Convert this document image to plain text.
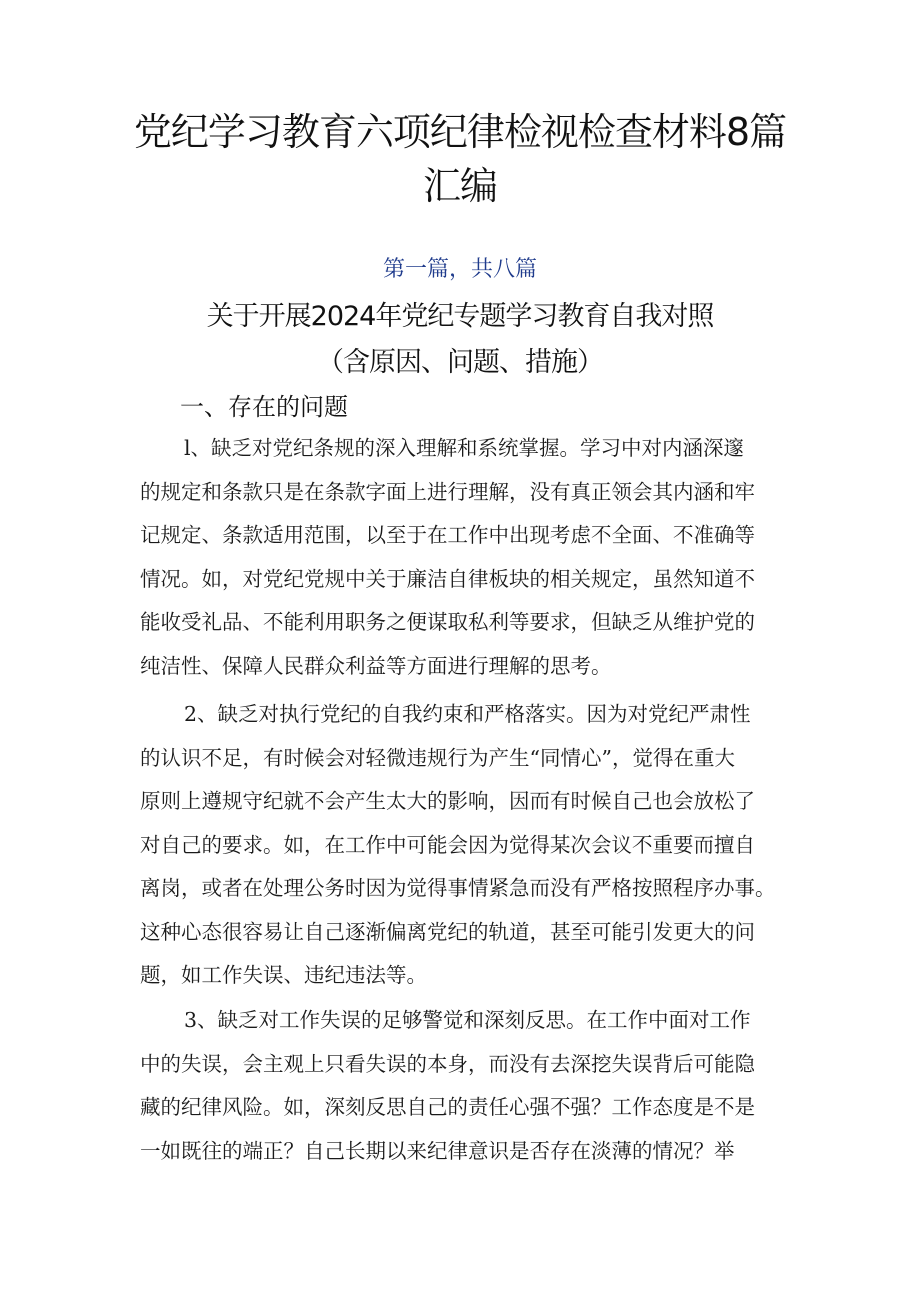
党纪学习教育六项纪律检视检查材料8篇
汇编
第一篇，共八篇
关于开展2024年党纪专题学习教育自我对照
（含原因、问题、措施）
一、存在的问题
l、缺乏对党纪条规的深入理解和系统掌握。学习中对内涵深邃
的规定和条款只是在条款字面上进行理解，没有真正领会其内涵和牢
记规定、条款适用范围，以至于在工作中出现考虑不全面、不准确等
情况。如，对党纪党规中关于廉洁自律板块的相关规定，虽然知道不
能收受礼品、不能利用职务之便谋取私利等要求，但缺乏从维护党的
纯洁性、保障人民群众利益等方面进行理解的思考。
2、缺乏对执行党纪的自我约束和严格落实。因为对党纪严肃性
的认识不足，有时候会对轻微违规行为产生“同情心”，觉得在重大
原则上遵规守纪就不会产生太大的影响，因而有时候自己也会放松了
对自己的要求。如，在工作中可能会因为觉得某次会议不重要而擅自
离岗，或者在处理公务时因为觉得事情紧急而没有严格按照程序办事。
这种心态很容易让自己逐渐偏离党纪的轨道，甚至可能引发更大的问
题，如工作失误、违纪违法等。
3、缺乏对工作失误的足够警觉和深刻反思。在工作中面对工作
中的失误，会主观上只看失误的本身，而没有去深挖失误背后可能隐
藏的纪律风险。如，深刻反思自己的责任心强不强？工作态度是不是
一如既往的端正？自己长期以来纪律意识是否存在淡薄的情况？举
